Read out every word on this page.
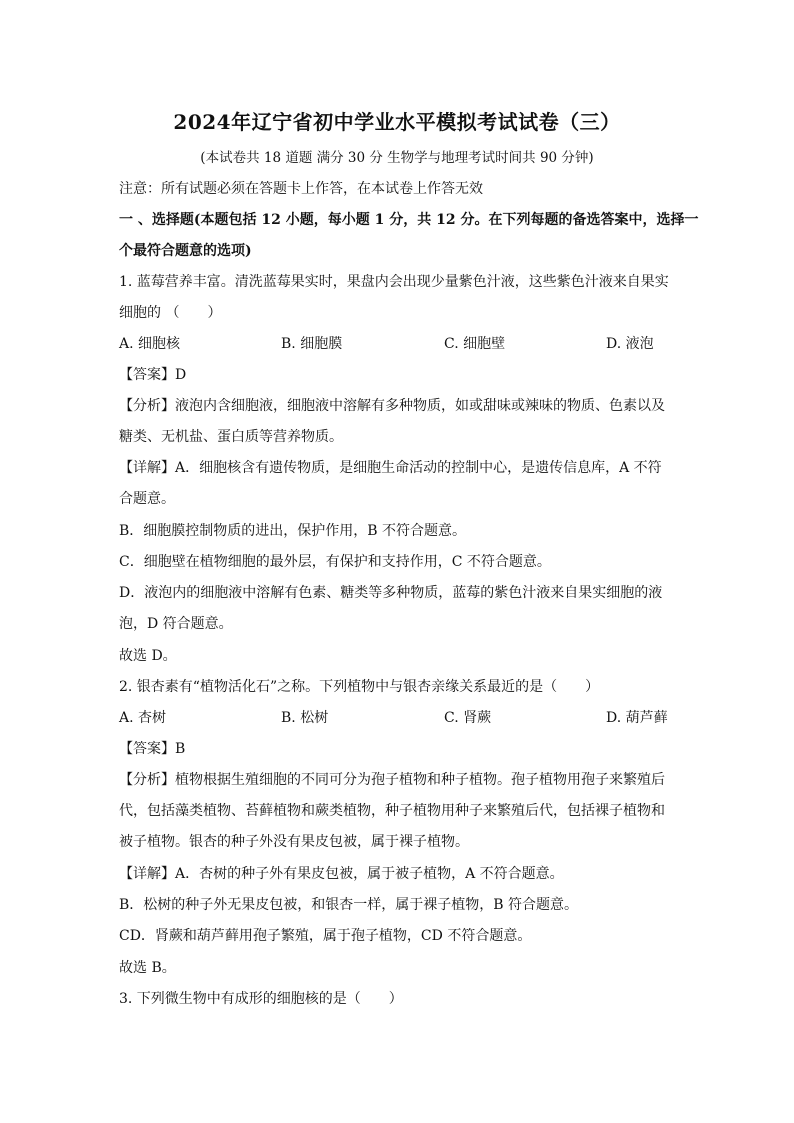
2024年辽宁省初中学业水平模拟考试试卷（三）
(本试卷共 18 道题 满分 30 分 生物学与地理考试时间共 90 分钟)
注意：所有试题必须在答题卡上作答，在本试卷上作答无效
一 、选择题(本题包括 12 小题，每小题 1 分，共 12 分。在下列每题的备选答案中，选择一
个最符合题意的选项)
1. 蓝莓营养丰富。清洗蓝莓果实时，果盘内会出现少量紫色汁液，这些紫色汁液来自果实
细胞的 （　　）
A. 细胞核	B. 细胞膜	C. 细胞壁	D. 液泡
【答案】D
【分析】液泡内含细胞液，细胞液中溶解有多种物质，如或甜味或辣味的物质、色素以及
糖类、无机盐、蛋白质等营养物质。
【详解】A．细胞核含有遗传物质，是细胞生命活动的控制中心，是遗传信息库，A 不符
合题意。
B．细胞膜控制物质的进出，保护作用，B 不符合题意。
C．细胞壁在植物细胞的最外层，有保护和支持作用，C 不符合题意。
D．液泡内的细胞液中溶解有色素、糖类等多种物质，蓝莓的紫色汁液来自果实细胞的液
泡，D 符合题意。
故选 D。
2. 银杏素有“植物活化石”之称。下列植物中与银杏亲缘关系最近的是（　　）
A. 杏树	B. 松树	C. 肾蕨	D. 葫芦藓
【答案】B
【分析】植物根据生殖细胞的不同可分为孢子植物和种子植物。孢子植物用孢子来繁殖后
代，包括藻类植物、苔藓植物和蕨类植物，种子植物用种子来繁殖后代，包括裸子植物和
被子植物。银杏的种子外没有果皮包被，属于裸子植物。
【详解】A．杏树的种子外有果皮包被，属于被子植物，A 不符合题意。
B．松树的种子外无果皮包被，和银杏一样，属于裸子植物，B 符合题意。
CD．肾蕨和葫芦藓用孢子繁殖，属于孢子植物，CD 不符合题意。
故选 B。
3. 下列微生物中有成形的细胞核的是（　　）
